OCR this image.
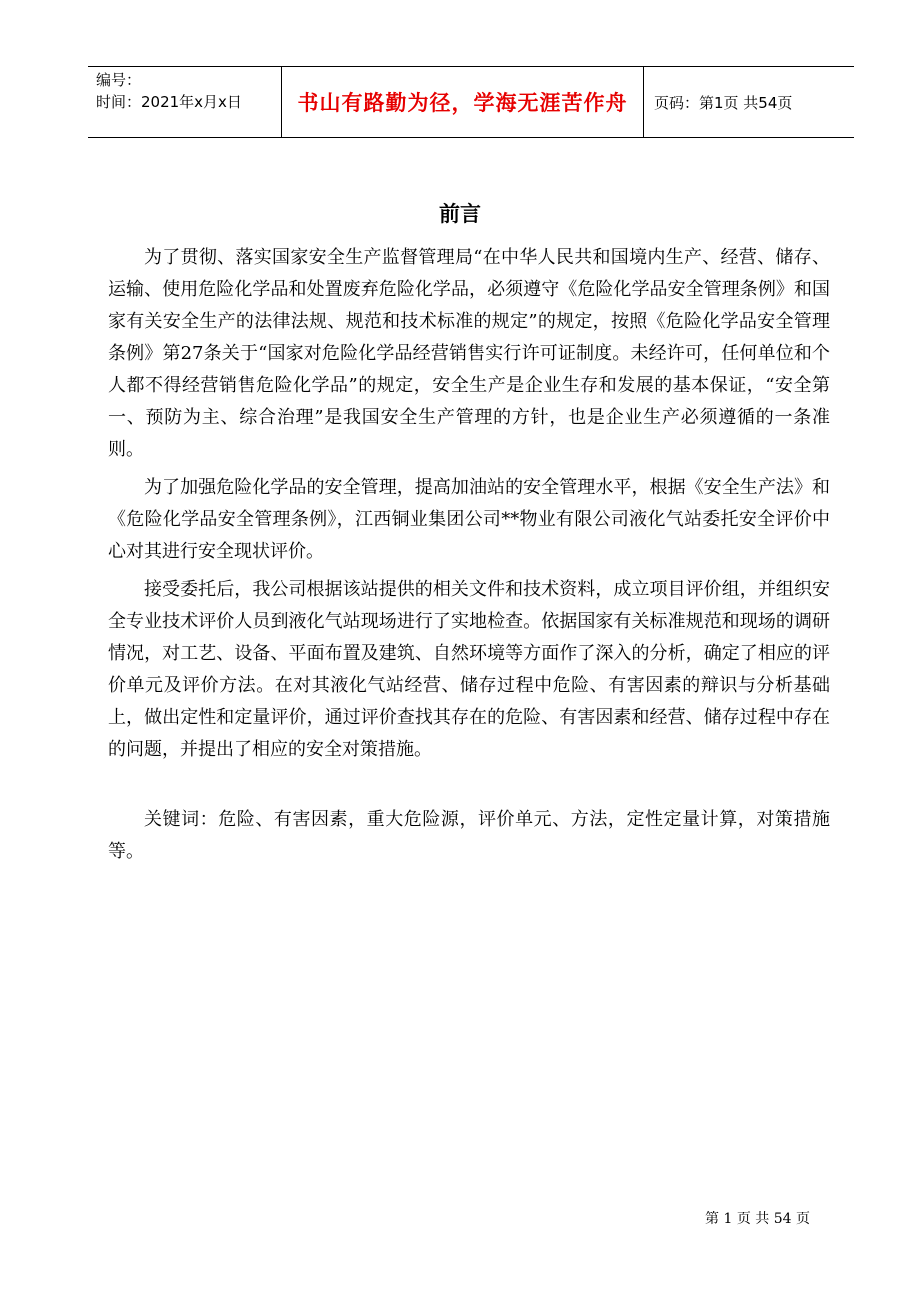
编号：
时间：2021年x月x日	书山有路勤为径，学海无涯苦作舟 页码：第1页 共54页
前言

为了贯彻、落实国家安全生产监督管理局“在中华人民共和国境内生产、经营、储存、运输、使用危险化学品和处置废弃危险化学品，必须遵守《危险化学品安全管理条例》和国家有关安全生产的法律法规、规范和技术标准的规定”的规定，按照《危险化学品安全管理条例》第27条关于“国家对危险化学品经营销售实行许可证制度。未经许可，任何单位和个人都不得经营销售危险化学品”的规定，安全生产是企业生存和发展的基本保证，“安全第一、预防为主、综合治理”是我国安全生产管理的方针，也是企业生产必须遵循的一条准则。

为了加强危险化学品的安全管理，提高加油站的安全管理水平，根据《安全生产法》和《危险化学品安全管理条例》，江西铜业集团公司**物业有限公司液化气站委托安全评价中心对其进行安全现状评价。

接受委托后，我公司根据该站提供的相关文件和技术资料，成立项目评价组，并组织安全专业技术评价人员到液化气站现场进行了实地检查。依据国家有关标准规范和现场的调研情况，对工艺、设备、平面布置及建筑、自然环境等方面作了深入的分析，确定了相应的评价单元及评价方法。在对其液化气站经营、储存过程中危险、有害因素的辩识与分析基础上，做出定性和定量评价，通过评价查找其存在的危险、有害因素和经营、储存过程中存在的问题，并提出了相应的安全对策措施。

关键词：危险、有害因素，重大危险源，评价单元、方法，定性定量计算，对策措施等。

第 1 页 共 54 页
